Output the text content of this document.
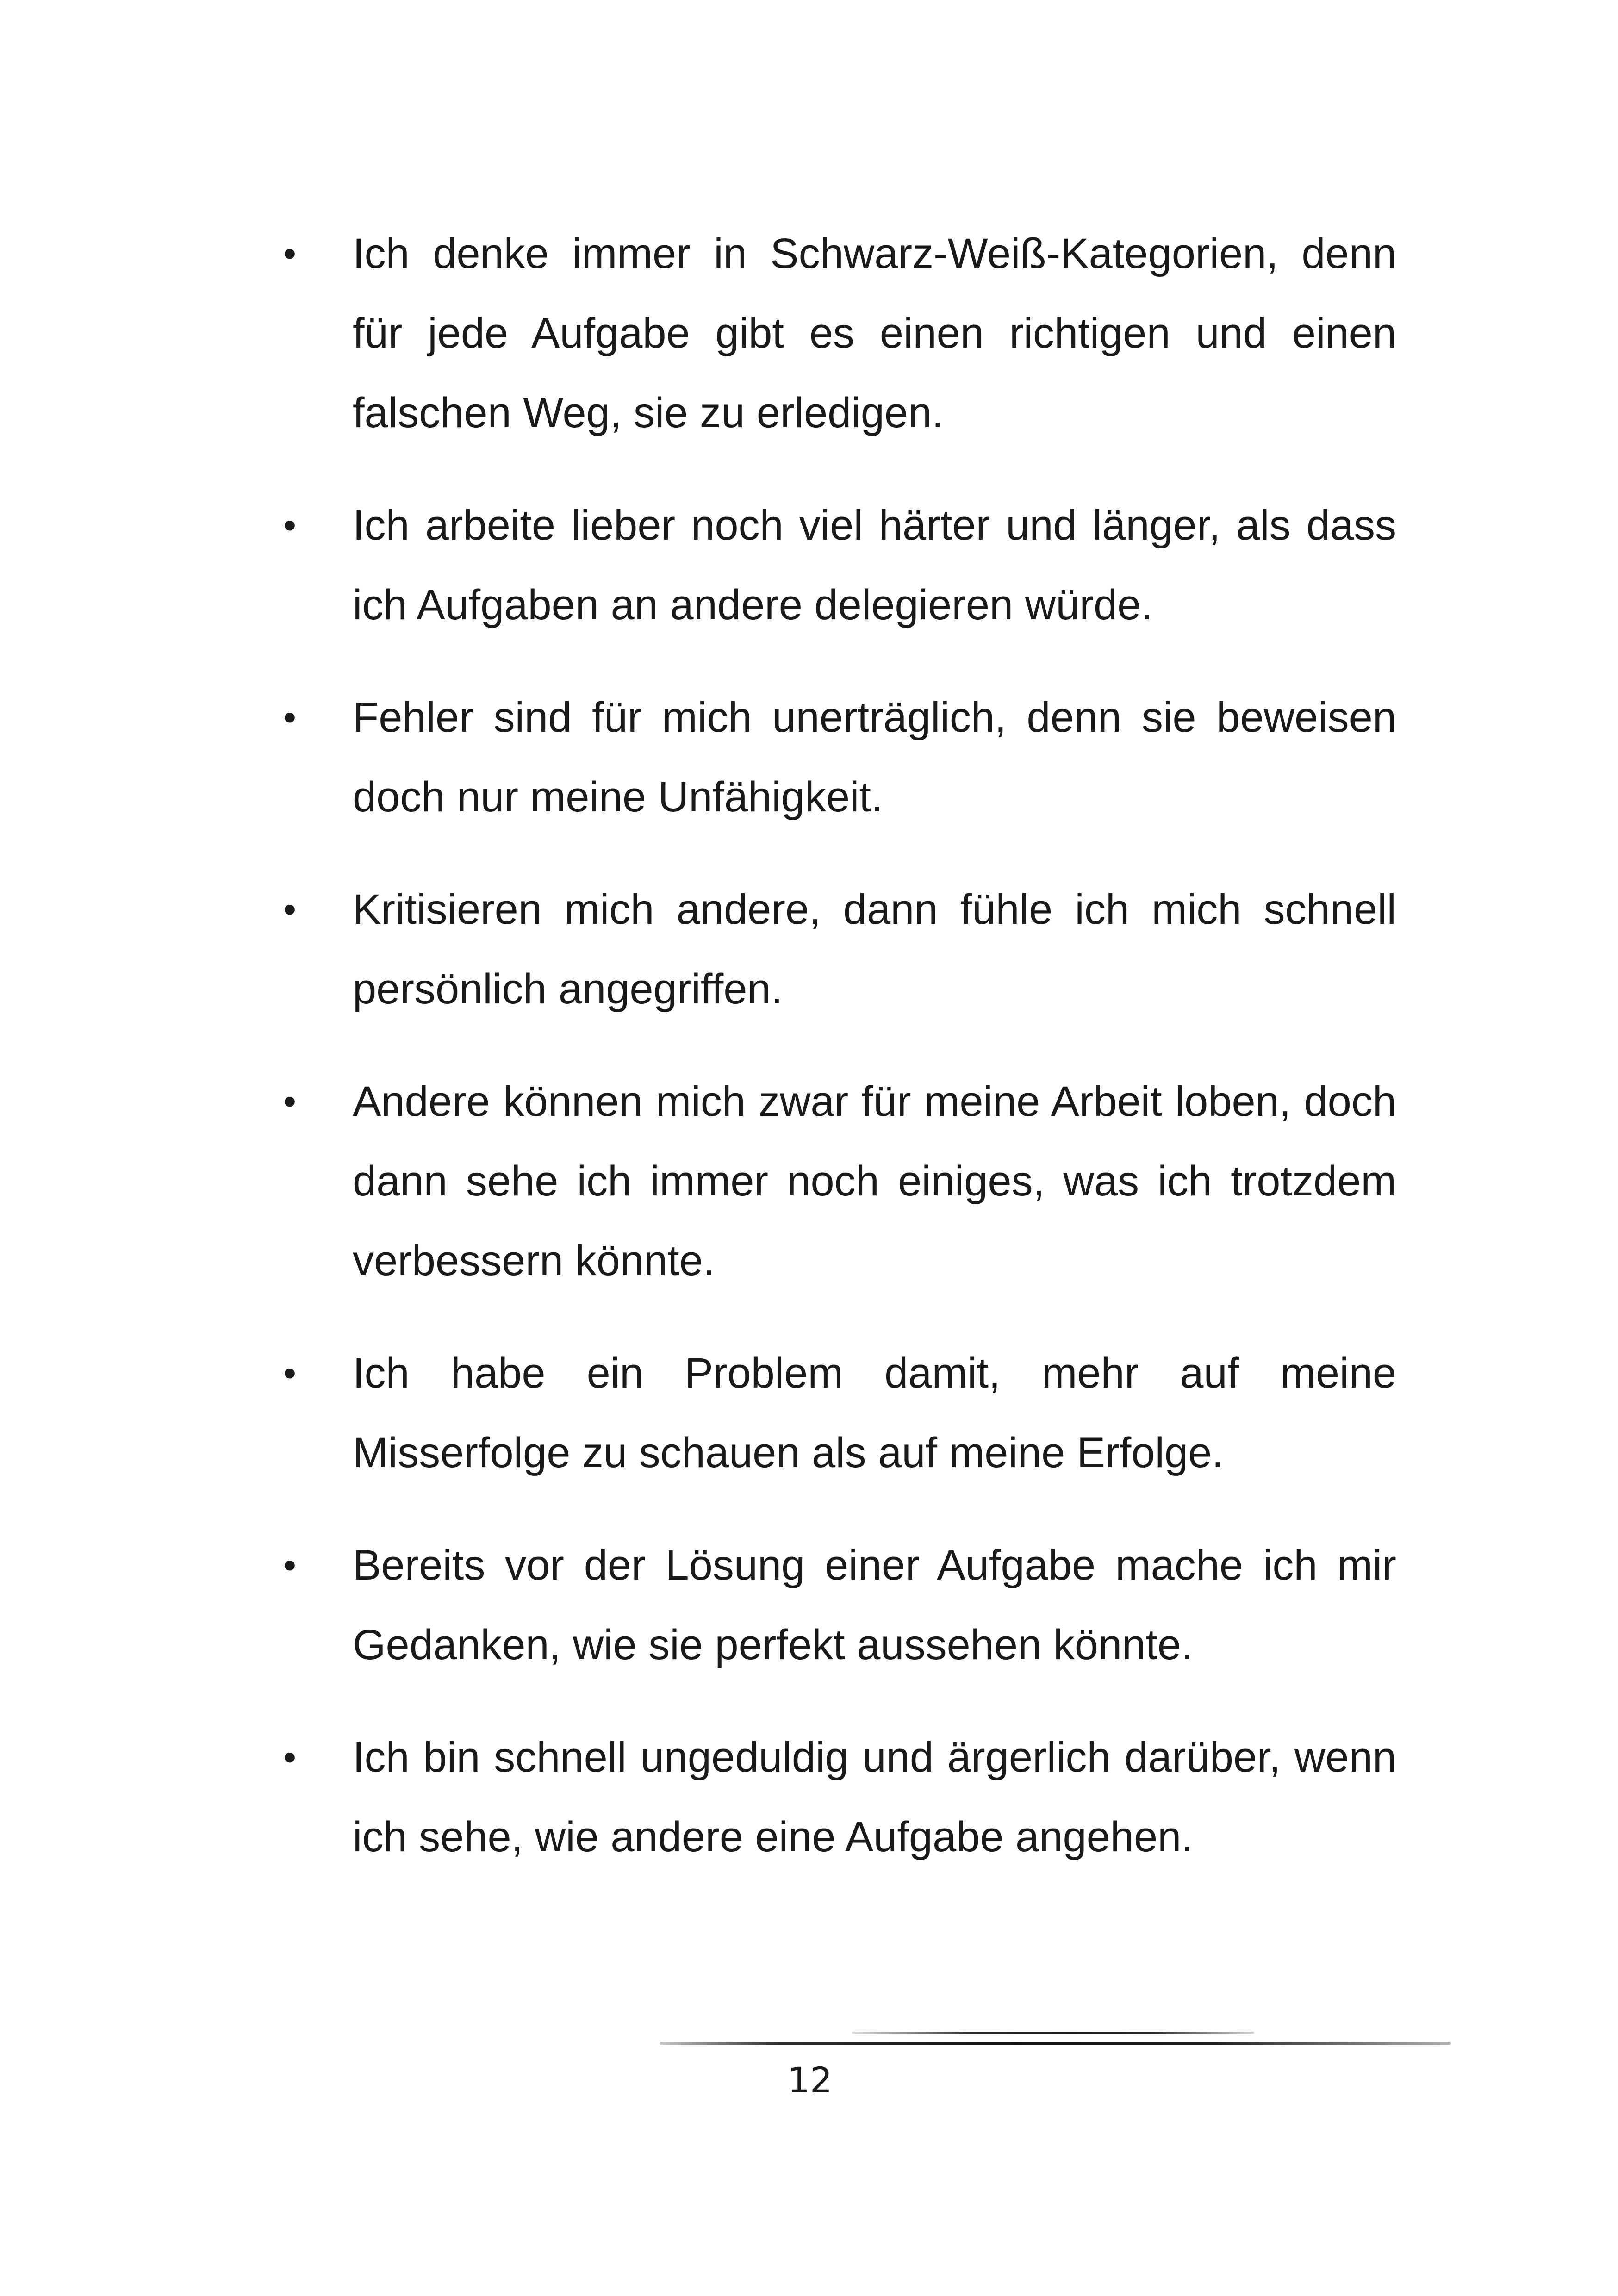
•	Ich denke immer in Schwarz-Weiß-Kategorien, denn für jede Aufgabe gibt es einen richtigen und einen falschen Weg, sie zu erledigen.
•	Ich arbeite lieber noch viel härter und länger, als dass ich Aufgaben an andere delegieren würde.
•	Fehler sind für mich unerträglich, denn sie beweisen doch nur meine Unfähigkeit.
•	Kritisieren mich andere, dann fühle ich mich schnell persönlich angegriffen.
•	Andere können mich zwar für meine Arbeit loben, doch dann sehe ich immer noch einiges, was ich trotzdem verbessern könnte.
•	Ich habe ein Problem damit, mehr auf meine Misserfolge zu schauen als auf meine Erfolge.
•	Bereits vor der Lösung einer Aufgabe mache ich mir Gedanken, wie sie perfekt aussehen könnte.
•	Ich bin schnell ungeduldig und ärgerlich darüber, wenn ich sehe, wie andere eine Aufgabe angehen.
12
